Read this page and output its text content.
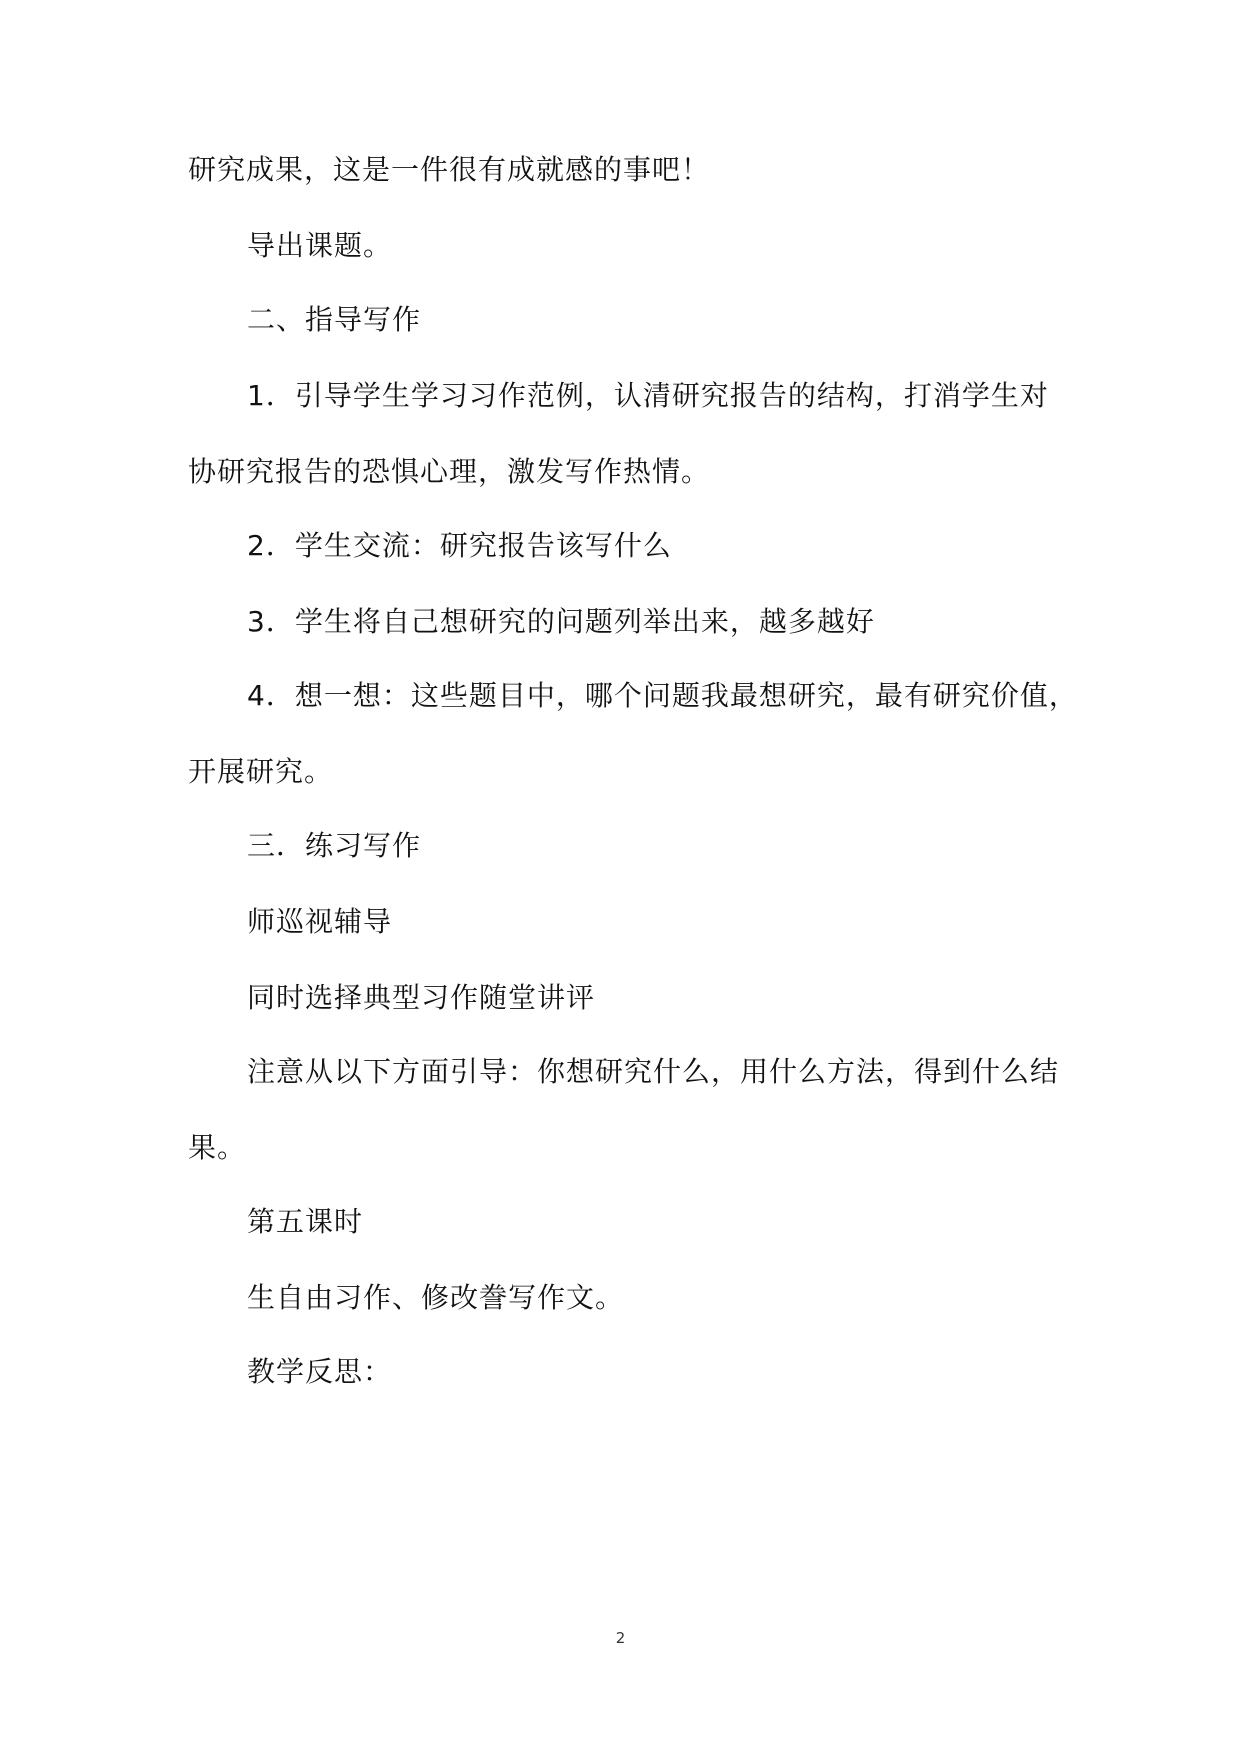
研究成果，这是一件很有成就感的事吧！
导出课题。
二、指导写作
1．引导学生学习习作范例，认清研究报告的结构，打消学生对
协研究报告的恐惧心理，激发写作热情。
2．学生交流：研究报告该写什么
3．学生将自己想研究的问题列举出来，越多越好
4．想一想：这些题目中，哪个问题我最想研究，最有研究价值，
开展研究。
三．练习写作
师巡视辅导
同时选择典型习作随堂讲评
注意从以下方面引导：你想研究什么，用什么方法，得到什么结
果。
第五课时
生自由习作、修改誊写作文。
教学反思：
2
